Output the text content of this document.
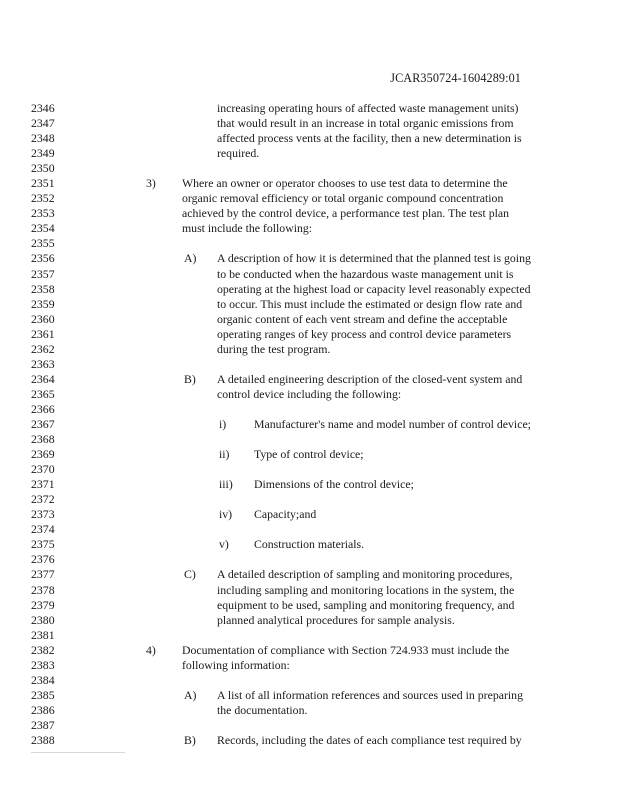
JCAR350724-1604289:01
2346	increasing operating hours of affected waste management units)
2347	that would result in an increase in total organic emissions from
2348	affected process vents at the facility, then a new determination is
2349	required.
2350
2351	3) Where an owner or operator chooses to use test data to determine the
2352	organic removal efficiency or total organic compound concentration
2353	achieved by the control device, a performance test plan. The test plan
2354	must include the following:
2355
2356	A) A description of how it is determined that the planned test is going
2357	to be conducted when the hazardous waste management unit is
2358	operating at the highest load or capacity level reasonably expected
2359	to occur. This must include the estimated or design flow rate and
2360	organic content of each vent stream and define the acceptable
2361	operating ranges of key process and control device parameters
2362	during the test program.
2363
2364	B) A detailed engineering description of the closed-vent system and
2365	control device including the following:
2366
2367	i) Manufacturer's name and model number of control device;
2368
2369	ii) Type of control device;
2370
2371	iii) Dimensions of the control device;
2372
2373	iv) Capacity;and
2374
2375	v) Construction materials.
2376
2377	C) A detailed description of sampling and monitoring procedures,
2378	including sampling and monitoring locations in the system, the
2379	equipment to be used, sampling and monitoring frequency, and
2380	planned analytical procedures for sample analysis.
2381
2382	4) Documentation of compliance with Section 724.933 must include the
2383	following information:
2384
2385	A) A list of all information references and sources used in preparing
2386	the documentation.
2387
2388	B) Records, including the dates of each compliance test required by
